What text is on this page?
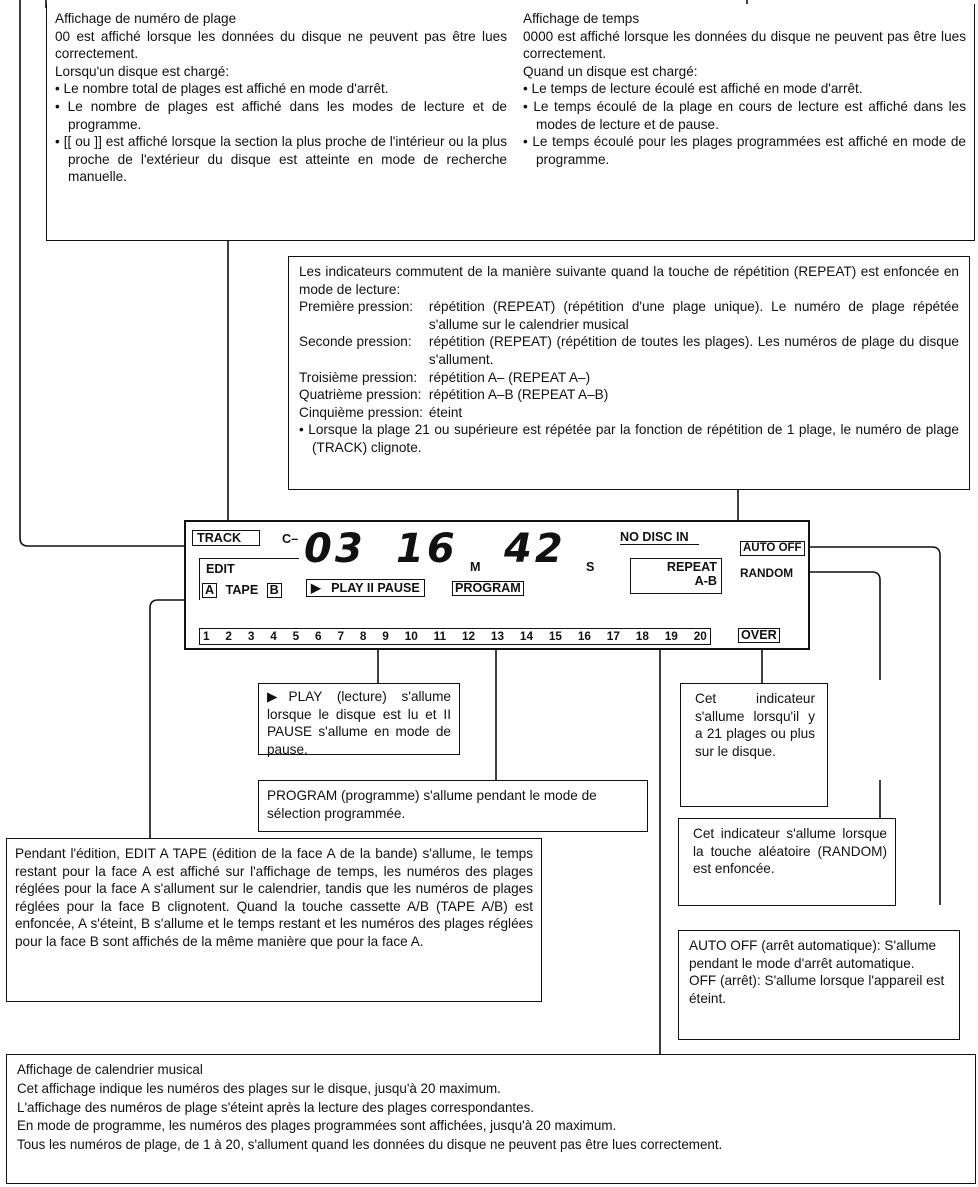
Affichage de numéro de plage

00 est affiché lorsque les données du disque ne peuvent pas être lues correctement.

Lorsqu'un disque est chargé:

• Le nombre total de plages est affiché en mode d'arrêt.
• Le nombre de plages est affiché dans les modes de lecture et de programme.
• [[ ou ]] est affiché lorsque la section la plus proche de l'intérieur ou la plus proche de l'extérieur du disque est atteinte en mode de recherche manuelle.

Affichage de temps

0000 est affiché lorsque les données du disque ne peuvent pas être lues correctement.

Quand un disque est chargé:

• Le temps de lecture écoulé est affiché en mode d'arrêt.
• Le temps écoulé de la plage en cours de lecture est affiché dans les modes de lecture et de pause.
• Le temps écoulé pour les plages programmées est affiché en mode de programme.

Les indicateurs commutent de la manière suivante quand la touche de répétition (REPEAT) est enfoncée en mode de lecture:

Première pression:	répétition (REPEAT) (répétition d'une plage unique). Le numéro de plage répétée s'allume sur le calendrier musical
Seconde pression:	répétition (REPEAT) (répétition de toutes les plages). Les numéros de plage du disque s'allument.
Troisième pression:	répétition A– (REPEAT A–)
Quatrième pression:	répétition A–B (REPEAT A–B)
Cinquième pression:	éteint
• Lorsque la plage 21 ou supérieure est répétée par la fonction de répétition de 1 plage, le numéro de plage (TRACK) clignote.
TRACK	C– 03 16 M 42 S
NO DISC IN
REPEAT
A-B
AUTO OFF
RANDOM
EDIT
A TAPE B	▶ PLAY II PAUSE	PROGRAM
1 2 3 4 5 6 7 8 9 10 11 12 13 14 15 16 17 18 19 20	OVER

▶PLAY (lecture) s'allume lorsque le disque est lu et II PAUSE s'allume en mode de pause.

PROGRAM (programme) s'allume pendant le mode de sélection programmée.

Cet indicateur s'allume lorsqu'il y a 21 plages ou plus sur le disque.

Cet indicateur s'allume lorsque la touche aléatoire (RANDOM) est enfoncée.

Pendant l'édition, EDIT A TAPE (édition de la face A de la bande) s'allume, le temps restant pour la face A est affiché sur l'affichage de temps, les numéros des plages réglées pour la face A s'allument sur le calendrier, tandis que les numéros de plages réglées pour la face B clignotent. Quand la touche cassette A/B (TAPE A/B) est enfoncée, A s'éteint, B s'allume et le temps restant et les numéros des plages réglées pour la face B sont affichés de la même manière que pour la face A.	AUTO OFF (arrêt automatique): S'allume pendant le mode d'arrêt automatique.

OFF (arrêt): S'allume lorsque l'appareil est éteint.

Affichage de calendrier musical

Cet affichage indique les numéros des plages sur le disque, jusqu'à 20 maximum.

L'affichage des numéros de plage s'éteint après la lecture des plages correspondantes.

En mode de programme, les numéros des plages programmées sont affichées, jusqu'à 20 maximum.

Tous les numéros de plage, de 1 à 20, s'allument quand les données du disque ne peuvent pas être lues correctement.
